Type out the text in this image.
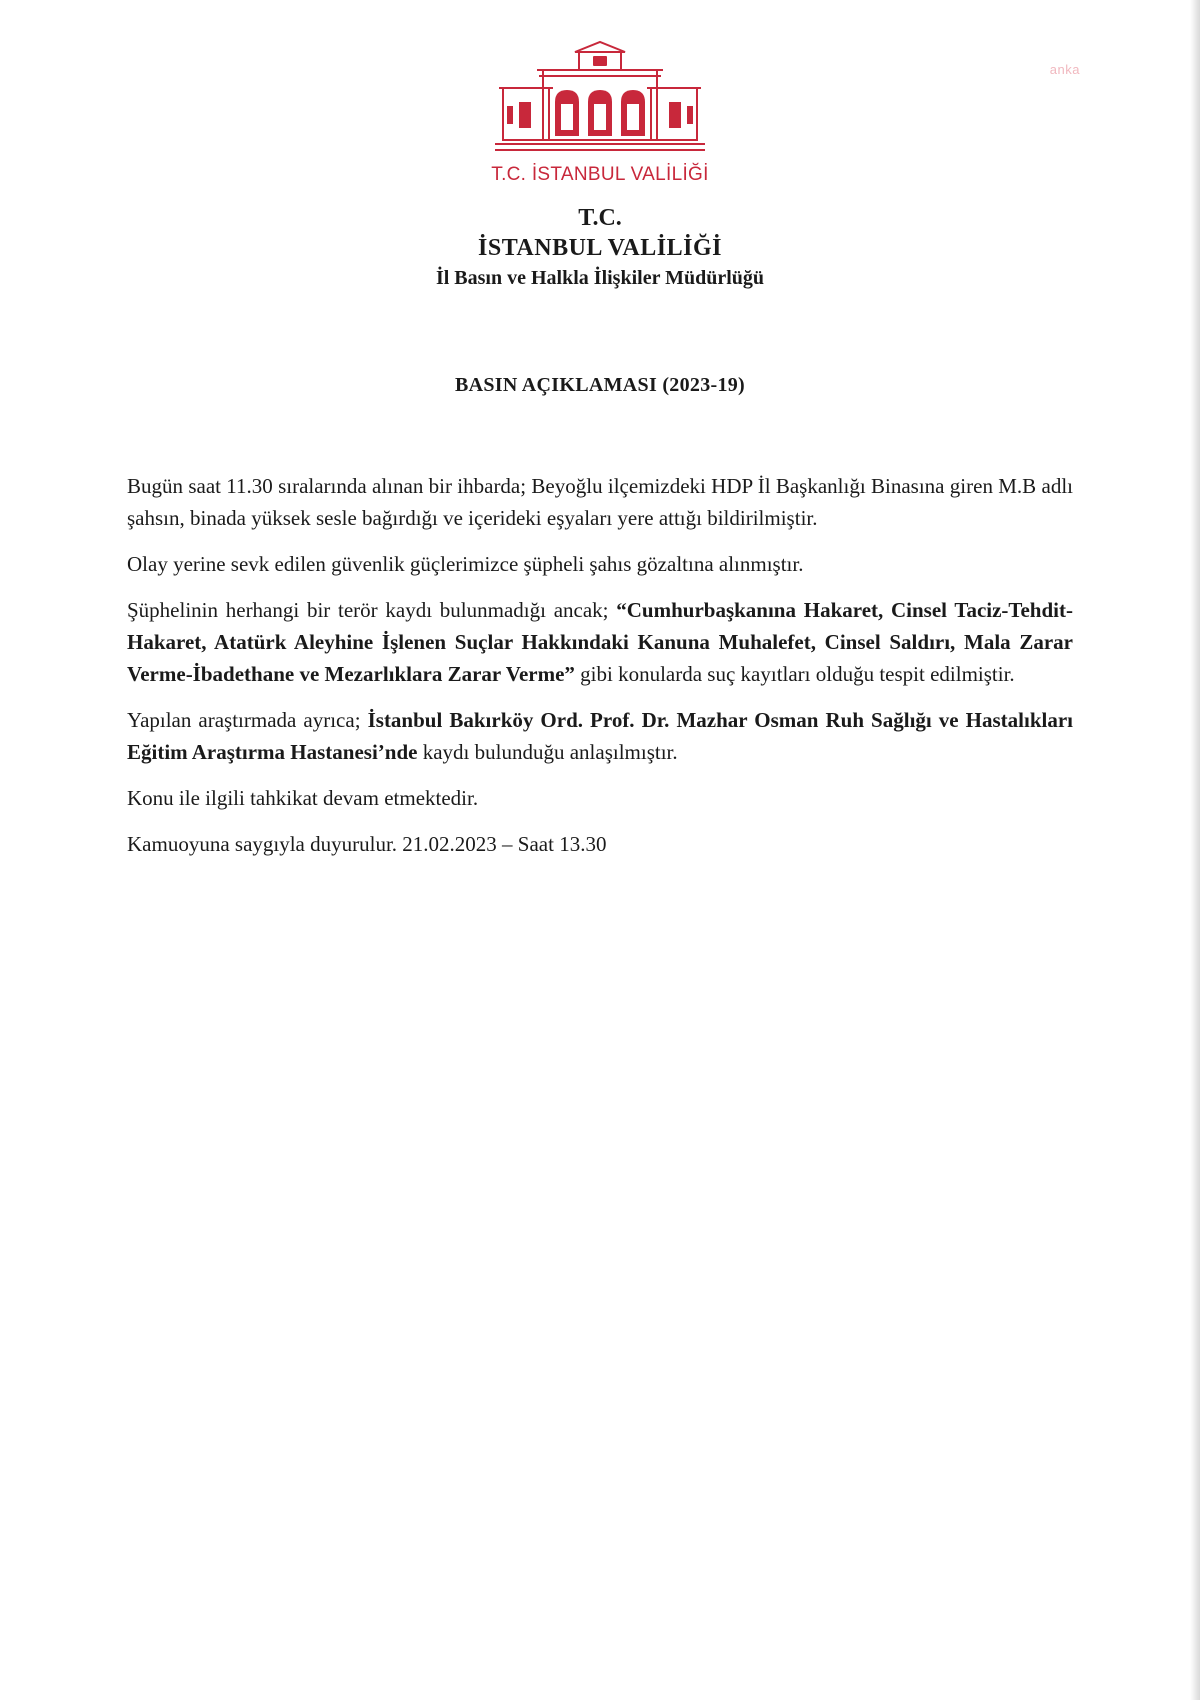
anka
T.C. İSTANBUL VALİLİĞİ
T.C.
İSTANBUL VALİLİĞİ
İl Basın ve Halkla İlişkiler Müdürlüğü
BASIN AÇIKLAMASI (2023-19)

Bugün saat 11.30 sıralarında alınan bir ihbarda; Beyoğlu ilçemizdeki HDP İl Başkanlığı Binasına giren M.B adlı şahsın, binada yüksek sesle bağırdığı ve içerideki eşyaları yere attığı bildirilmiştir.

Olay yerine sevk edilen güvenlik güçlerimizce şüpheli şahıs gözaltına alınmıştır.

Şüphelinin herhangi bir terör kaydı bulunmadığı ancak; “Cumhurbaşkanına Hakaret, Cinsel Taciz-Tehdit-Hakaret, Atatürk Aleyhine İşlenen Suçlar Hakkındaki Kanuna Muhalefet, Cinsel Saldırı, Mala Zarar Verme-İbadethane ve Mezarlıklara Zarar Verme” gibi konularda suç kayıtları olduğu tespit edilmiştir.

Yapılan araştırmada ayrıca; İstanbul Bakırköy Ord. Prof. Dr. Mazhar Osman Ruh Sağlığı ve Hastalıkları Eğitim Araştırma Hastanesi’nde kaydı bulunduğu anlaşılmıştır.

Konu ile ilgili tahkikat devam etmektedir.

Kamuoyuna saygıyla duyurulur. 21.02.2023 – Saat 13.30
